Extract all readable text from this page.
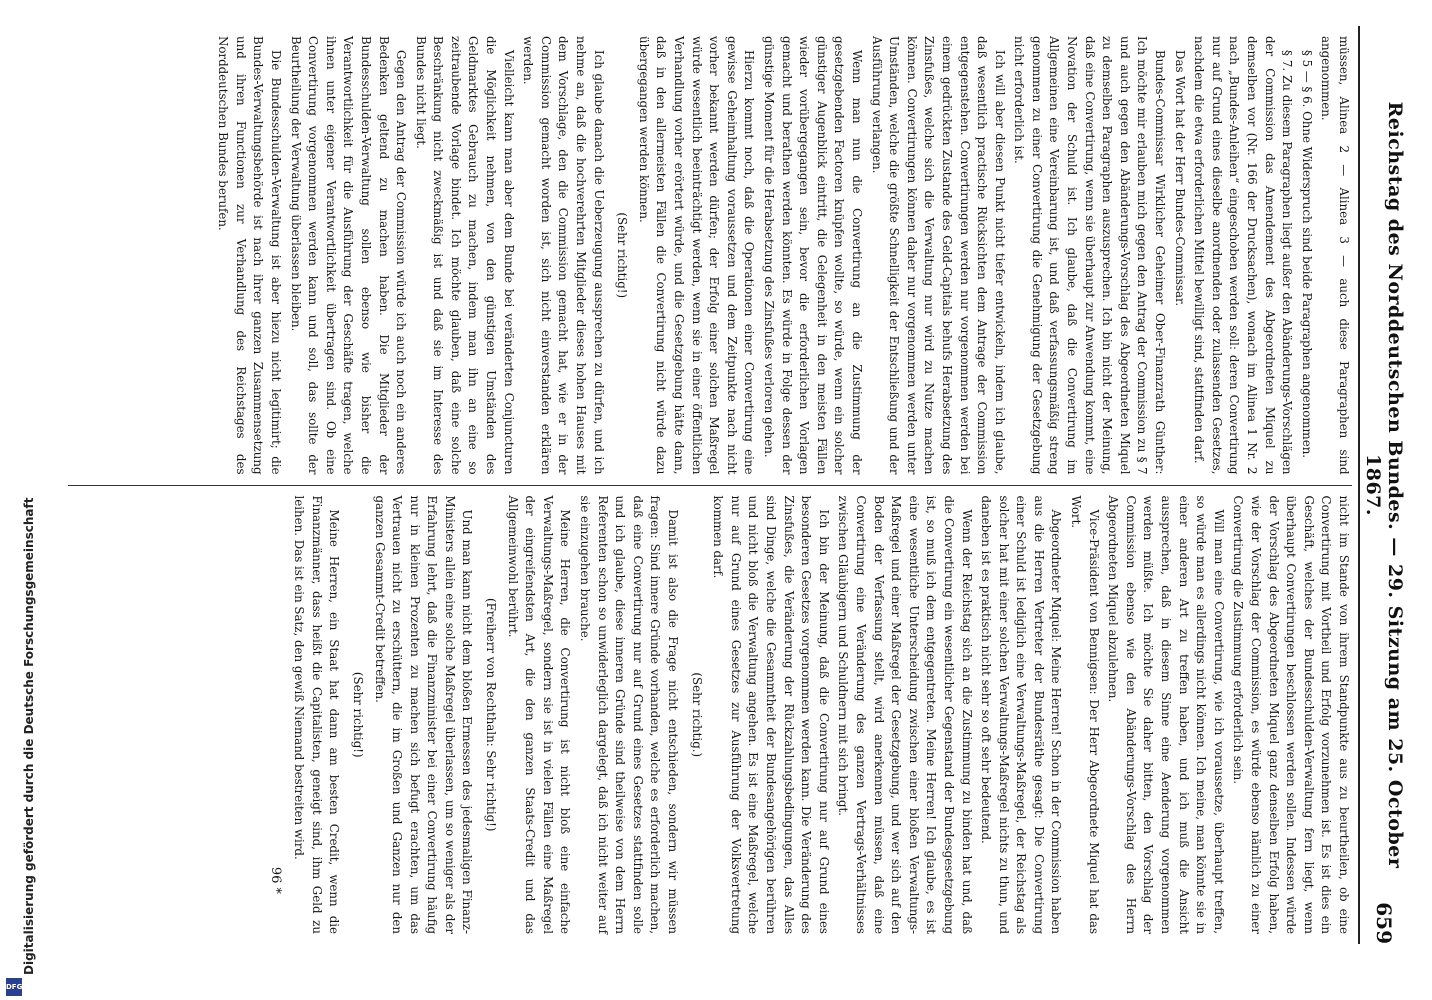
Digitalisierung gefördert durch die Deutsche Forschungsgemeinschaft
DFG
Reichstag des Norddeutschen Bundes. — 29. Sitzung am 25. October 1867.
659

müssen, Alinea 2 — Alinea 3 — auch diese Paragraphen sind angenommen.

§ 5 — § 6. Ohne Widerspruch sind beide Paragraphen angenommen.

§ 7. Zu diesem Paragraphen liegt außer den Abänderungs-Vorschlägen der Commission das Amendement des Abgeordneten Miquel zu demselben vor (Nr. 166 der Drucksachen), wonach im Alinea 1 Nr. 2 nach „Bundes-Anleihen“ eingeschoben werden soll: deren Convertirung nur auf Grund eines dieselbe anordnenden oder zulassenden Gesetzes, nachdem die etwa erforderlichen Mittel bewilligt sind, stattfinden darf.

Das Wort hat der Herr Bundes-Commissar.

Bundes-Commissar Wirklicher Geheimer Ober-Finanzrath Günther: Ich möchte mir erlauben mich gegen den Antrag der Commission zu § 7 und auch gegen den Abänderungs-Vorschlag des Abgeordneten Miquel zu demselben Paragraphen auszusprechen. Ich bin nicht der Meinung, daß eine Convertirung, wenn sie überhaupt zur Anwendung kommt, eine Novation der Schuld ist. Ich glaube, daß die Convertirung im Allgemeinen eine Vereinbarung ist, und daß verfassungsmäßig streng genommen zu einer Convertirung die Genehmigung der Gesetzgebung nicht erforderlich ist.

Ich will aber diesen Punkt nicht tiefer entwickeln, indem ich glaube, daß wesentlich practische Rücksichten dem Antrage der Commission entgegenstehen. Convertirungen werden nur vorgenommen werden bei einem gedrückten Zustande des Geld-Capitals behufs Herabsetzung des Zinsfußes, welche sich die Verwaltung nur wird zu Nutze machen können. Convertirungen können daher nur vorgenommen werden unter Umständen, welche die größte Schnelligkeit der Entschließung und der Ausführung verlangen.

Wenn man nun die Convertirung an die Zustimmung der gesetzgebenden Factoren knüpfen wollte, so würde, wenn ein solcher günstiger Augenblick eintritt, die Gelegenheit in den meisten Fällen wieder vorübergegangen sein, bevor die erforderlichen Vorlagen gemacht und berathen werden könnten. Es würde in Folge dessen der günstige Moment für die Herabsetzung des Zinsfußes verloren gehen.

Hierzu kommt noch, daß die Operationen einer Convertirung eine gewisse Geheimhaltung voraussetzen und dem Zeitpunkte nach nicht vorher bekannt werden dürfen; der Erfolg einer solchen Maßregel würde wesentlich beeinträchtigt werden, wenn sie in einer öffentlichen Verhandlung vorher erörtert würde, und die Gesetzgebung hätte dann, daß in den allermeisten Fällen die Convertirung nicht würde dazu übergegangen werden können.

(Sehr richtig!)

Ich glaube danach die Ueberzeugung aussprechen zu dürfen, und ich nehme an, daß die hochverehrten Mitglieder dieses hohen Hauses mit dem Vorschlage, den die Commission gemacht hat, wie er in der Commission gemacht worden ist, sich nicht einverstanden erklären werden.

Vielleicht kann man aber dem Bunde bei veränderten Conjuncturen die Möglichkeit nehmen, von den günstigen Umständen des Geldmarktes Gebrauch zu machen, indem man ihn an eine so zeitraubende Vorlage bindet. Ich möchte glauben, daß eine solche Beschränkung nicht zweckmäßig ist und daß sie im Interesse des Bundes nicht liegt.

Gegen den Antrag der Commission würde ich auch noch ein anderes Bedenken geltend zu machen haben. Die Mitglieder der Bundesschulden-Verwaltung sollen ebenso wie bisher die Verantwortlichkeit für die Ausführung der Geschäfte tragen, welche ihnen unter eigener Verantwortlichkeit übertragen sind. Ob eine Convertirung vorgenommen werden kann und soll, das sollte der Beurtheilung der Verwaltung überlassen bleiben.

Die Bundesschulden-Verwaltung ist aber hiezu nicht legitimirt; die Bundes-Verwaltungsbehörde ist nach ihrer ganzen Zusammensetzung und ihren Functionen zur Verhandlung des Reichstages des Norddeutschen Bundes berufen.

nicht im Stande von ihrem Standpunkte aus zu beurtheilen, ob eine Convertirung mit Vortheil und Erfolg vorzunehmen ist. Es ist dies ein Geschäft, welches der Bundesschulden-Verwaltung fern liegt, wenn überhaupt Convertirungen beschlossen werden sollen. Indessen würde der Vorschlag des Abgeordneten Miquel ganz denselben Erfolg haben, wie der Vorschlag der Commission, es würde ebenso nämlich zu einer Convertirung die Zustimmung erforderlich sein.

Will man eine Convertirung, wie ich voraussetze, überhaupt treffen, so würde man es allerdings nicht können. Ich meine, man könnte sie in einer anderen Art zu treffen haben, und ich muß die Ansicht aussprechen, daß in diesem Sinne eine Aenderung vorgenommen werden müßte. Ich möchte Sie daher bitten, den Vorschlag der Commission ebenso wie den Abänderungs-Vorschlag des Herrn Abgeordneten Miquel abzulehnen.

Vice-Präsident von Bennigsen: Der Herr Abgeordnete Miquel hat das Wort.

Abgeordneter Miquel: Meine Herren! Schon in der Commission haben aus die Herren Vertreter der Bundesräthe gesagt: Die Convertirung einer Schuld ist lediglich eine Verwaltungs-Maßregel, der Reichstag als solcher hat mit einer solchen Verwaltungs-Maßregel nichts zu thun, und daneben ist es praktisch nicht sehr so oft sehr bedeutend.

Wenn der Reichstag sich an die Zustimmung zu binden hat und, daß die Convertirung ein wesentlicher Gegenstand der Bundesgesetzgebung ist, so muß ich dem entgegentreten. Meine Herren! Ich glaube, es ist eine wesentliche Unterscheidung zwischen einer bloßen Verwaltungs-Maßregel und einer Maßregel der Gesetzgebung, und wer sich auf den Boden der Verfassung stellt, wird anerkennen müssen, daß eine Convertirung eine Veränderung des ganzen Vertrags-Verhältnisses zwischen Gläubigern und Schuldnern mit sich bringt.

Ich bin der Meinung, daß die Convertirung nur auf Grund eines besonderen Gesetzes vorgenommen werden kann. Die Veränderung des Zinsfußes, die Veränderung der Rückzahlungsbedingungen, das Alles sind Dinge, welche die Gesammtheit der Bundesangehörigen berühren und nicht bloß die Verwaltung angehen. Es ist eine Maßregel, welche nur auf Grund eines Gesetzes zur Ausführung der Volksvertretung kommen darf.

(Sehr richtig.)

Damit ist also die Frage nicht entschieden, sondern wir müssen fragen: Sind innere Gründe vorhanden, welche es erforderlich machen, daß eine Convertirung nur auf Grund eines Gesetzes stattfinden solle und ich glaube, diese inneren Gründe sind theilweise von dem Herrn Referenten schon so unwiderleglich dargelegt, daß ich nicht weiter auf sie einzugehen brauche.

Meine Herren, die Convertirung ist nicht bloß eine einfache Verwaltungs-Maßregel, sondern sie ist in vielen Fällen eine Maßregel der eingreifendsten Art, die den ganzen Staats-Credit und das Allgemeinwohl berührt.

(Freiherr von Rechthaln: Sehr richtig!)

Und man kann nicht dem bloßen Ermessen des jedesmaligen Finanz-Ministers allein eine solche Maßregel überlassen, um so weniger als der Erfahrung lehrt, daß die Finanzminister bei einer Convertirung häufig nur in kleinen Prozenten zu machen sich befugt erachten, um das Vertrauen nicht zu erschüttern, die im Großen und Ganzen nur den ganzen Gesammt-Credit betreffen.

(Sehr richtig!)

Meine Herren, ein Staat hat dann am besten Credit, wenn die Finanzmänner, dass heißt die Capitalisten, geneigt sind, ihm Geld zu leihen. Das ist ein Satz, den gewiß Niemand bestreiten wird.

96 *
